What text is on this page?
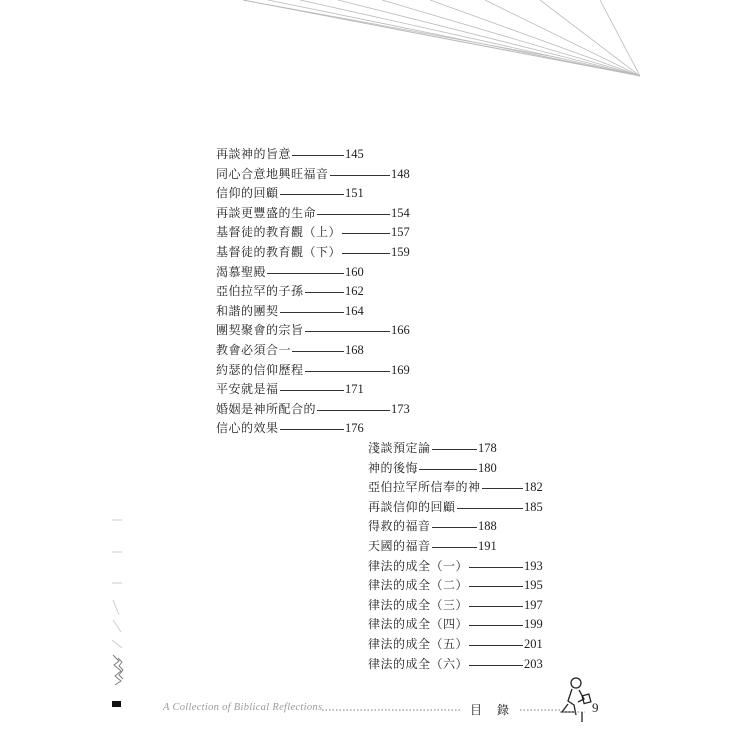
再談神的旨意	145
同心合意地興旺福音	148
信仰的回顧	151
再談更豐盛的生命	154
基督徒的教育觀（上）	157
基督徒的教育觀（下）	159
渴慕聖殿	160
亞伯拉罕的子孫	162
和諧的團契	164
團契聚會的宗旨	166
教會必須合一	168
約瑟的信仰歷程	169
平安就是福	171
婚姻是神所配合的	173
信心的效果	176
淺談預定論	178
神的後悔	180
亞伯拉罕所信奉的神	182
再談信仰的回顧	185
得救的福音	188
天國的福音	191
律法的成全（一）	193
律法的成全（二）	195
律法的成全（三）	197
律法的成全（四）	199
律法的成全（五）	201
律法的成全（六）	203
A Collection of Biblical Reflections	目錄	9
